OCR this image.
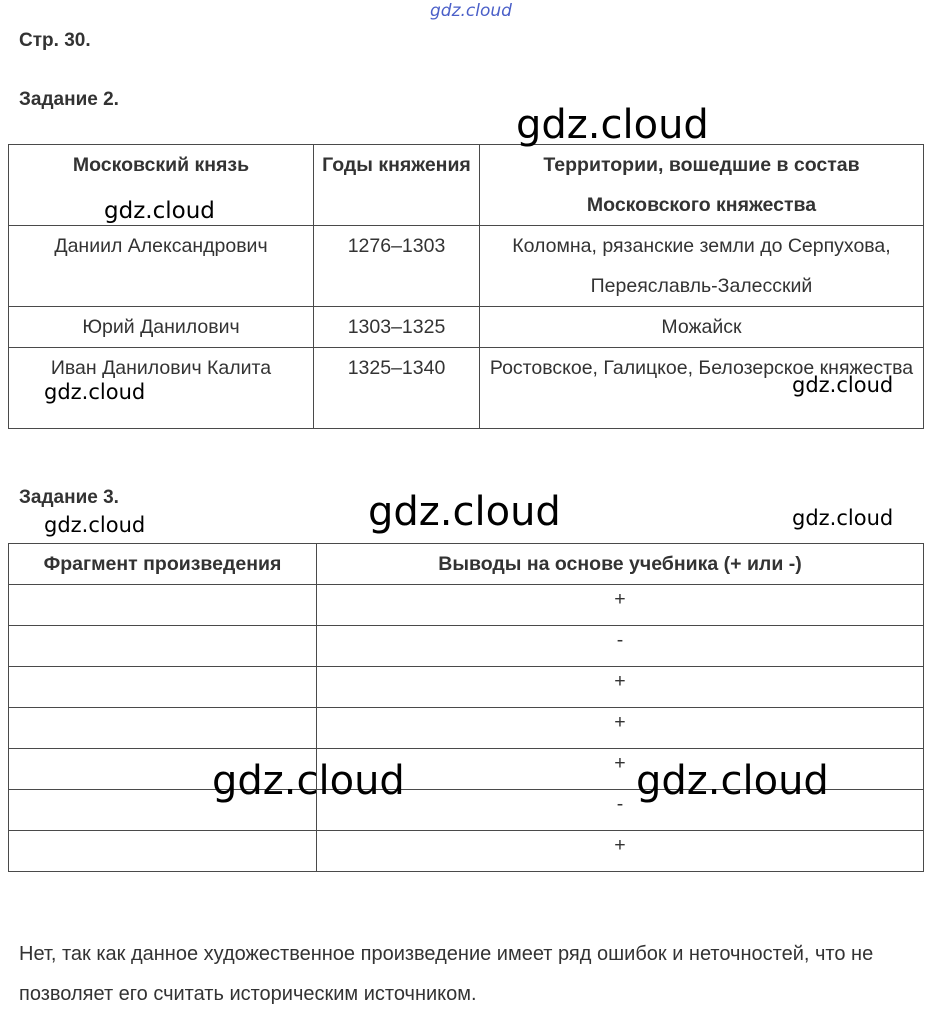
gdz.cloud
Стр. 30.
Задание 2.
Московский князь	Годы княжения	Территории, вошедшие в состав Московского княжества
Даниил Александрович	1276–1303	Коломна, рязанские земли до Серпухова, Переяславль-Залесский
Юрий Данилович	1303–1325	Можайск
Иван Данилович Калита	1325–1340	Ростовское, Галицкое, Белозерское княжества
Задание 3.
Фрагмент произведения	Выводы на основе учебника (+ или -)
	+
	-
	+
	+
	+
	-
	+
Нет, так как данное художественное произведение имеет ряд ошибок и неточностей, что не позволяет его считать историческим источником.
gdz.cloud
gdz.cloud
gdz.cloud	gdz.cloud
gdz.cloud	gdz.cloud	gdz.cloud
gdz.cloud	gdz.cloud
